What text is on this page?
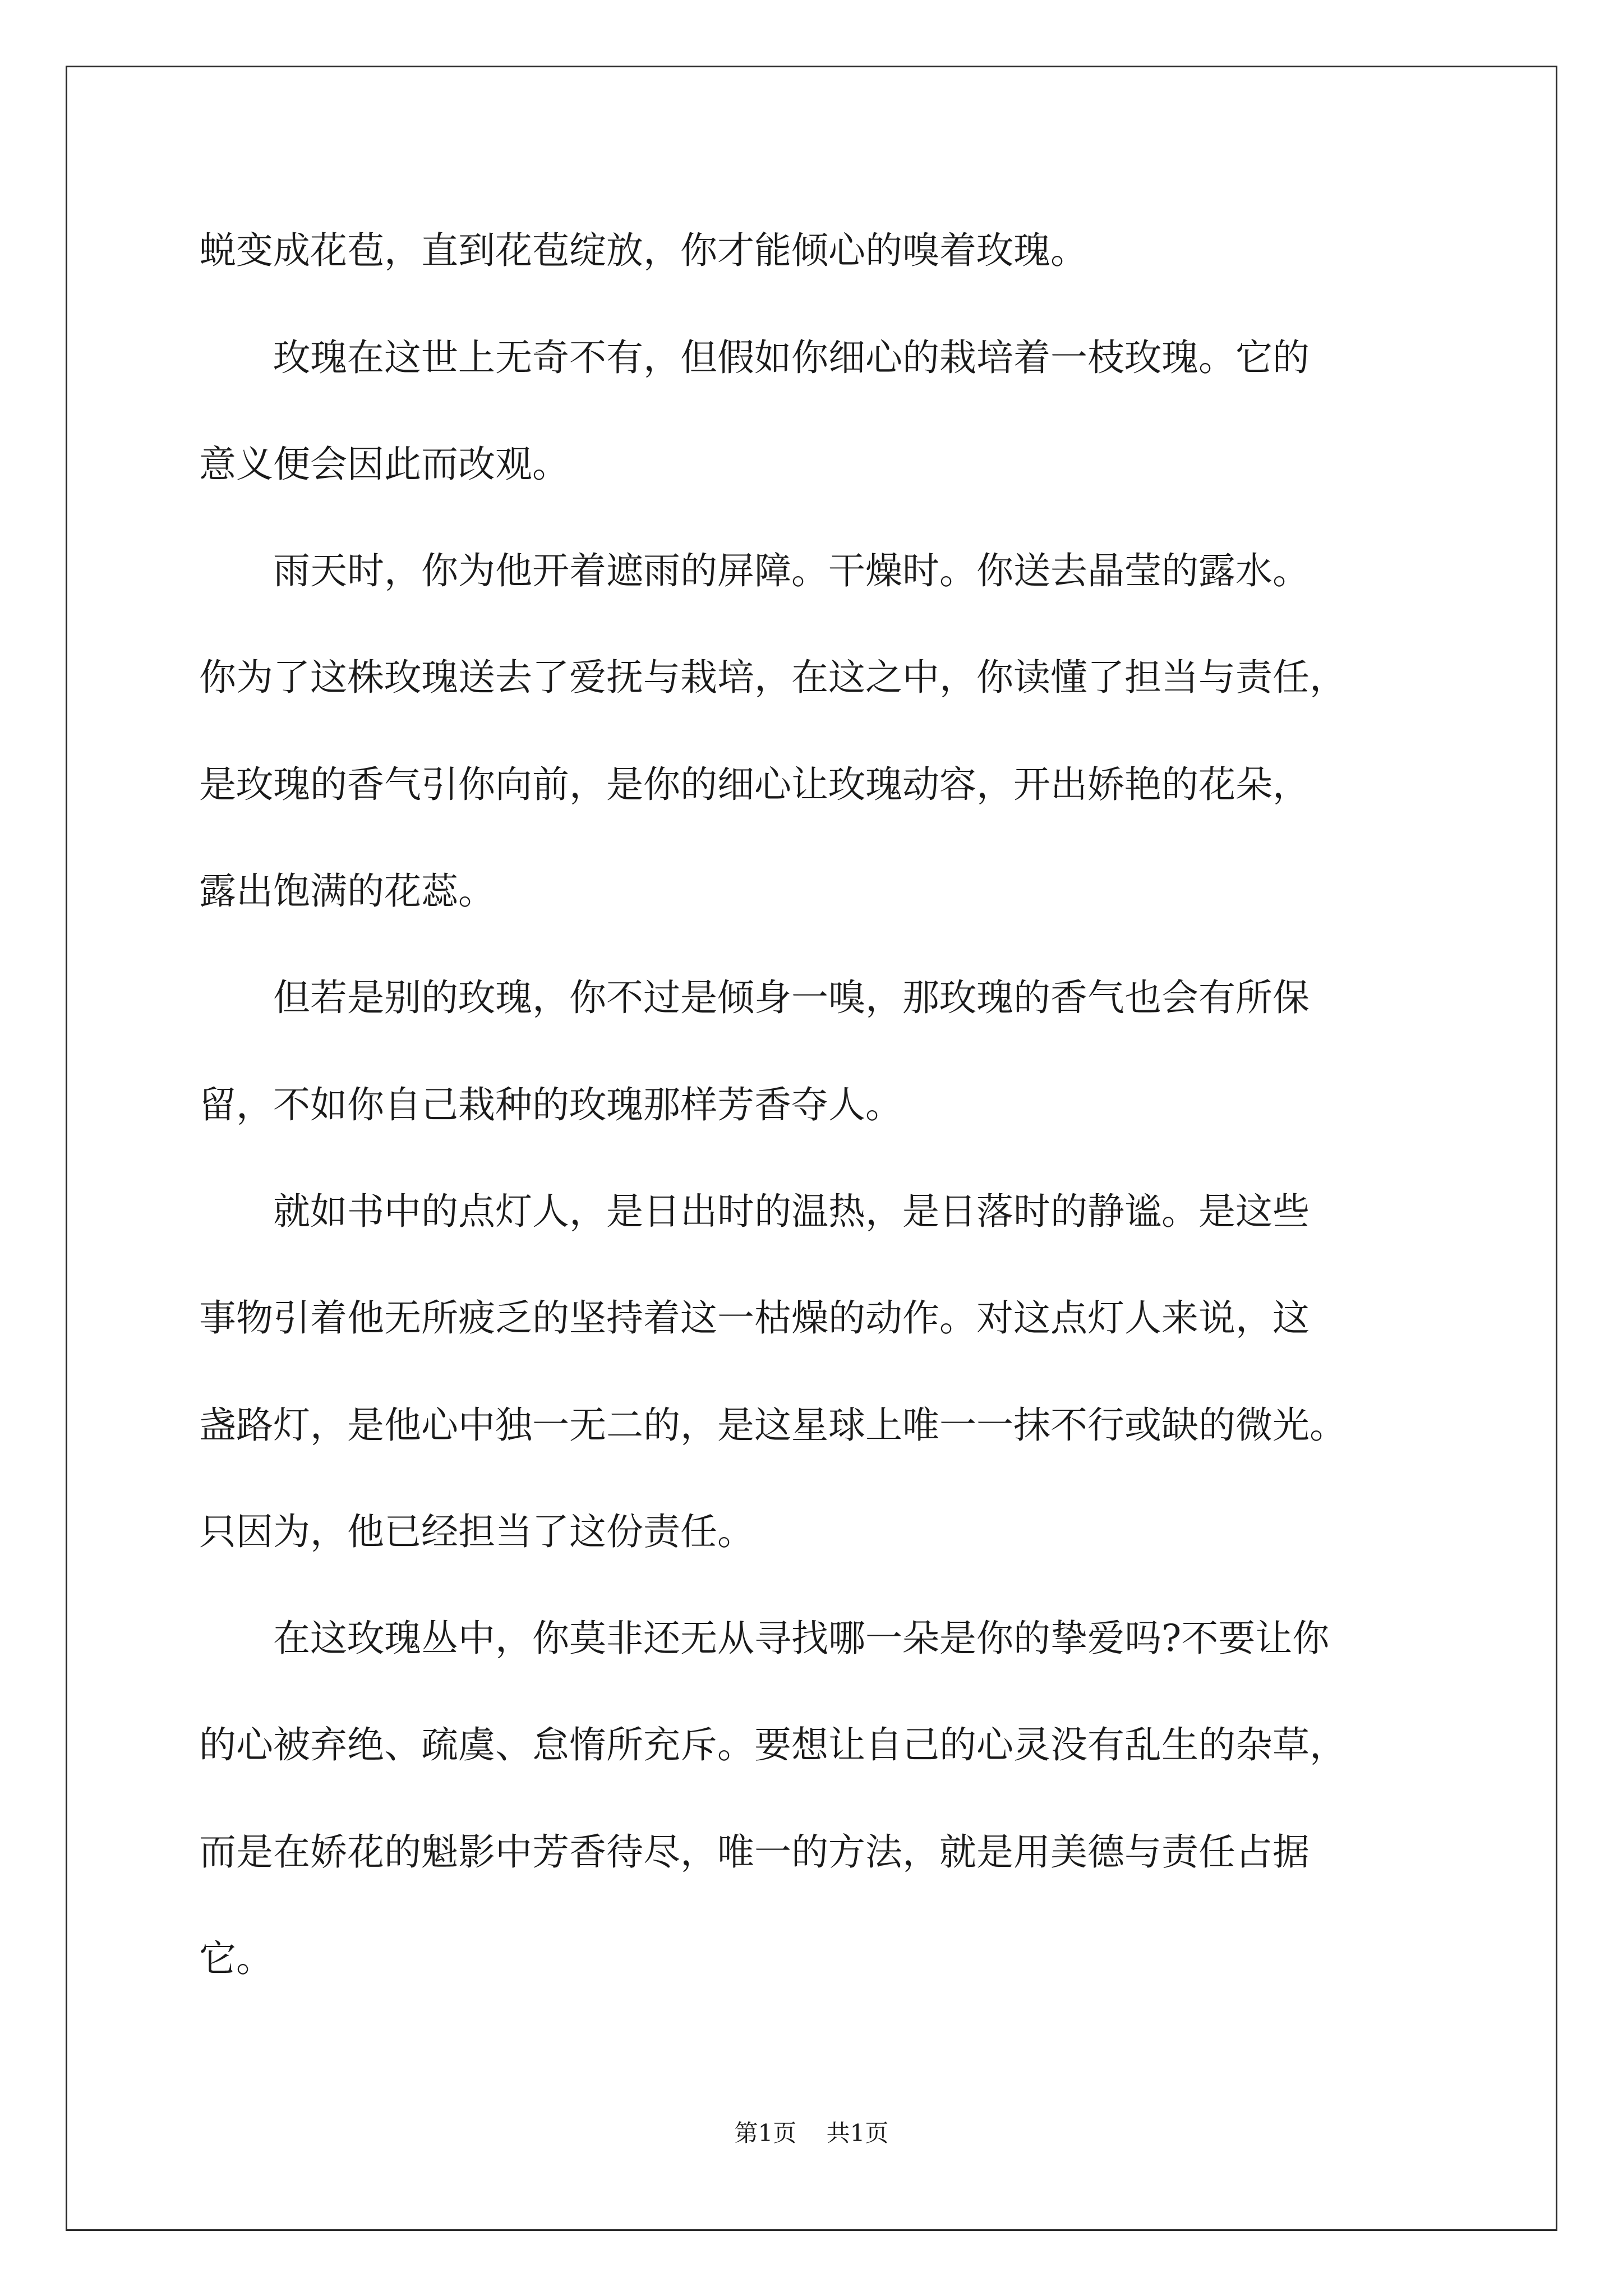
蜕变成花苞，直到花苞绽放，你才能倾心的嗅着玫瑰。

　　玫瑰在这世上无奇不有，但假如你细心的栽培着一枝玫瑰。它的

意义便会因此而改观。

　　雨天时，你为他开着遮雨的屏障。干燥时。你送去晶莹的露水。

你为了这株玫瑰送去了爱抚与栽培，在这之中，你读懂了担当与责任，

是玫瑰的香气引你向前，是你的细心让玫瑰动容，开出娇艳的花朵，

露出饱满的花蕊。

　　但若是别的玫瑰，你不过是倾身一嗅，那玫瑰的香气也会有所保

留，不如你自己栽种的玫瑰那样芳香夺人。

　　就如书中的点灯人，是日出时的温热，是日落时的静谧。是这些

事物引着他无所疲乏的坚持着这一枯燥的动作。对这点灯人来说，这

盏路灯，是他心中独一无二的，是这星球上唯一一抹不行或缺的微光。

只因为，他已经担当了这份责任。

　　在这玫瑰丛中，你莫非还无从寻找哪一朵是你的挚爱吗?不要让你

的心被弃绝、疏虞、怠惰所充斥。要想让自己的心灵没有乱生的杂草，

而是在娇花的魁影中芳香待尽，唯一的方法，就是用美德与责任占据

它。

第1页 共1页
